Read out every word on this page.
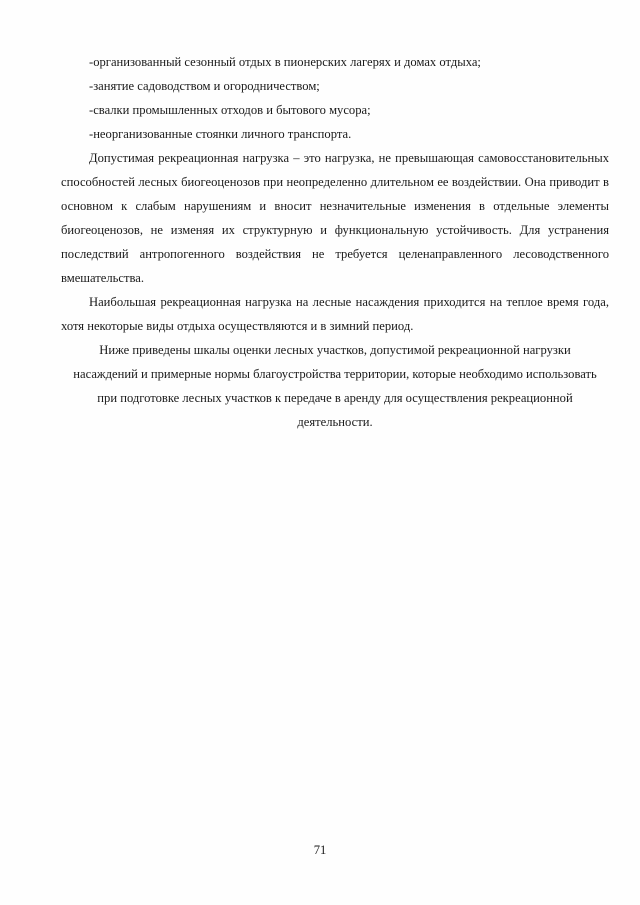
-организованный сезонный отдых в пионерских лагерях и домах отдыха;

-занятие садоводством и огородничеством;

-свалки промышленных отходов и бытового мусора;

-неорганизованные стоянки личного транспорта.

Допустимая рекреационная нагрузка – это нагрузка, не превышающая самовосстановительных способностей лесных биогеоценозов при неопределенно длительном ее воздействии. Она приводит в основном к слабым нарушениям и вносит незначительные изменения в отдельные элементы биогеоценозов, не изменяя их структурную и функциональную устойчивость. Для устранения последствий антропогенного воздействия не требуется целенаправленного лесоводственного вмешательства.

Наибольшая рекреационная нагрузка на лесные насаждения приходится на теплое время года, хотя некоторые виды отдыха осуществляются и в зимний период.

Ниже приведены шкалы оценки лесных участков, допустимой рекреационной нагрузки

насаждений и примерные нормы благоустройства территории, которые необходимо использовать

при подготовке лесных участков к передаче в аренду для осуществления рекреационной

деятельности.

71
